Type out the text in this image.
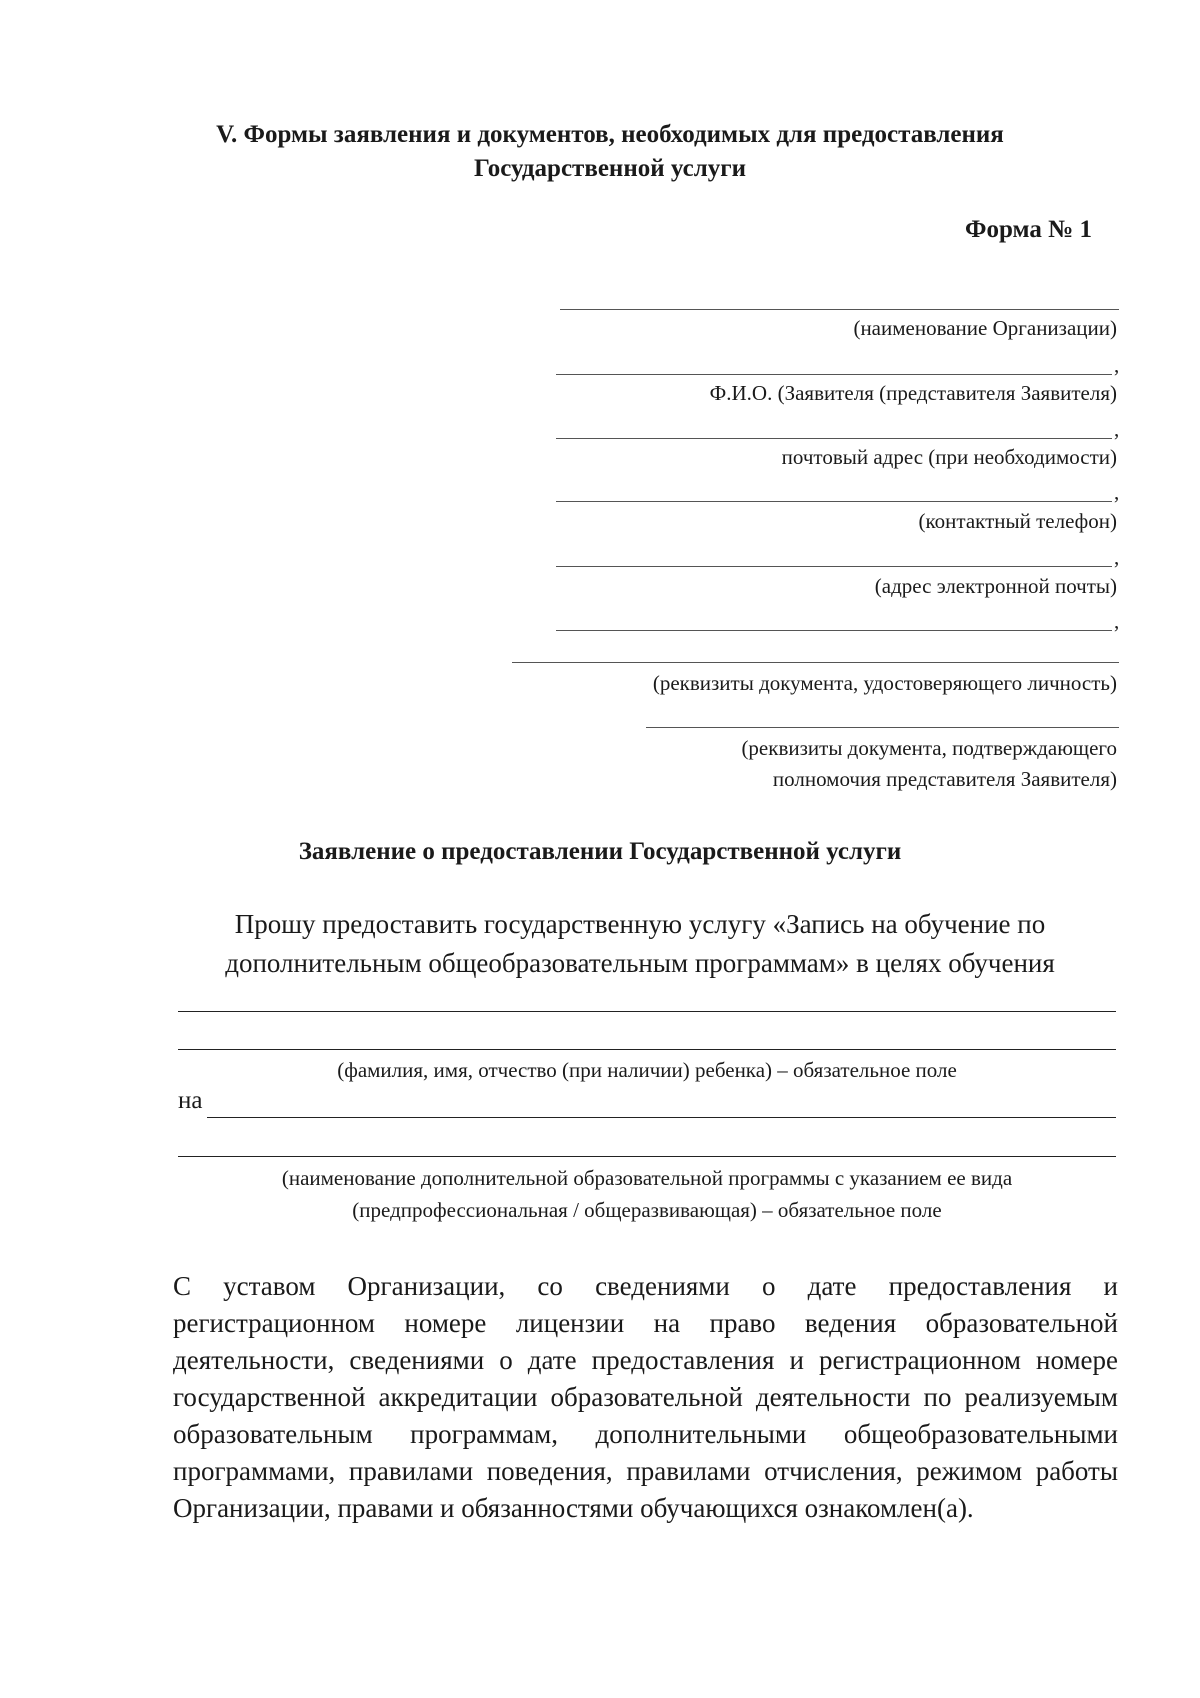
V. Формы заявления и документов, необходимых для предоставления
Государственной услуги
Форма № 1
(наименование Организации)
,
Ф.И.О. (Заявителя (представителя Заявителя)
,
почтовый адрес (при необходимости)
,
(контактный телефон)
,
(адрес электронной почты)
,
(реквизиты документа, удостоверяющего личность)
(реквизиты документа, подтверждающего
полномочия представителя Заявителя)
Заявление о предоставлении Государственной услуги
Прошу предоставить государственную услугу «Запись на обучение по
дополнительным общеобразовательным программам» в целях обучения
(фамилия, имя, отчество (при наличии) ребенка) – обязательное поле
на
(наименование дополнительной образовательной программы с указанием ее вида
(предпрофессиональная / общеразвивающая) – обязательное поле
С уставом Организации, со сведениями о дате предоставления и регистрационном номере лицензии на право ведения образовательной деятельности, сведениями о дате предоставления и регистрационном номере государственной аккредитации образовательной деятельности по реализуемым образовательным программам, дополнительными общеобразовательными программами, правилами поведения, правилами отчисления, режимом работы Организации, правами и обязанностями обучающихся ознакомлен(а).
